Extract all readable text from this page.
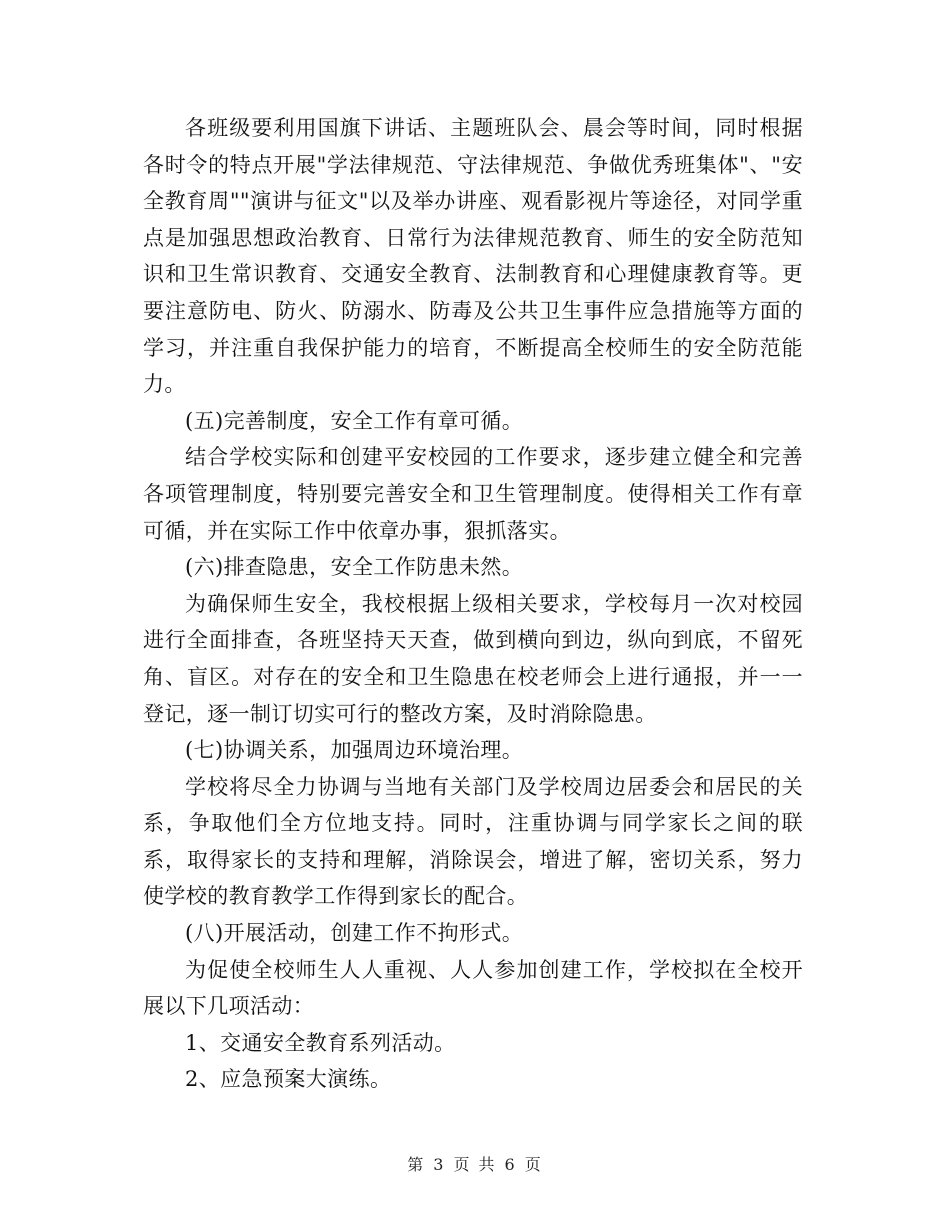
各班级要利用国旗下讲话、主题班队会、晨会等时间，同时根据各时令的特点开展"学法律规范、守法律规范、争做优秀班集体"、"安全教育周""演讲与征文"以及举办讲座、观看影视片等途径，对同学重点是加强思想政治教育、日常行为法律规范教育、师生的安全防范知识和卫生常识教育、交通安全教育、法制教育和心理健康教育等。更要注意防电、防火、防溺水、防毒及公共卫生事件应急措施等方面的学习，并注重自我保护能力的培育，不断提高全校师生的安全防范能力。

(五)完善制度，安全工作有章可循。

结合学校实际和创建平安校园的工作要求，逐步建立健全和完善各项管理制度，特别要完善安全和卫生管理制度。使得相关工作有章可循，并在实际工作中依章办事，狠抓落实。

(六)排查隐患，安全工作防患未然。

为确保师生安全，我校根据上级相关要求，学校每月一次对校园进行全面排查，各班坚持天天查，做到横向到边，纵向到底，不留死角、盲区。对存在的安全和卫生隐患在校老师会上进行通报，并一一登记，逐一制订切实可行的整改方案，及时消除隐患。

(七)协调关系，加强周边环境治理。

学校将尽全力协调与当地有关部门及学校周边居委会和居民的关系，争取他们全方位地支持。同时，注重协调与同学家长之间的联系，取得家长的支持和理解，消除误会，增进了解，密切关系，努力使学校的教育教学工作得到家长的配合。

(八)开展活动，创建工作不拘形式。

为促使全校师生人人重视、人人参加创建工作，学校拟在全校开展以下几项活动：

1、交通安全教育系列活动。

2、应急预案大演练。

第 3 页 共 6 页
